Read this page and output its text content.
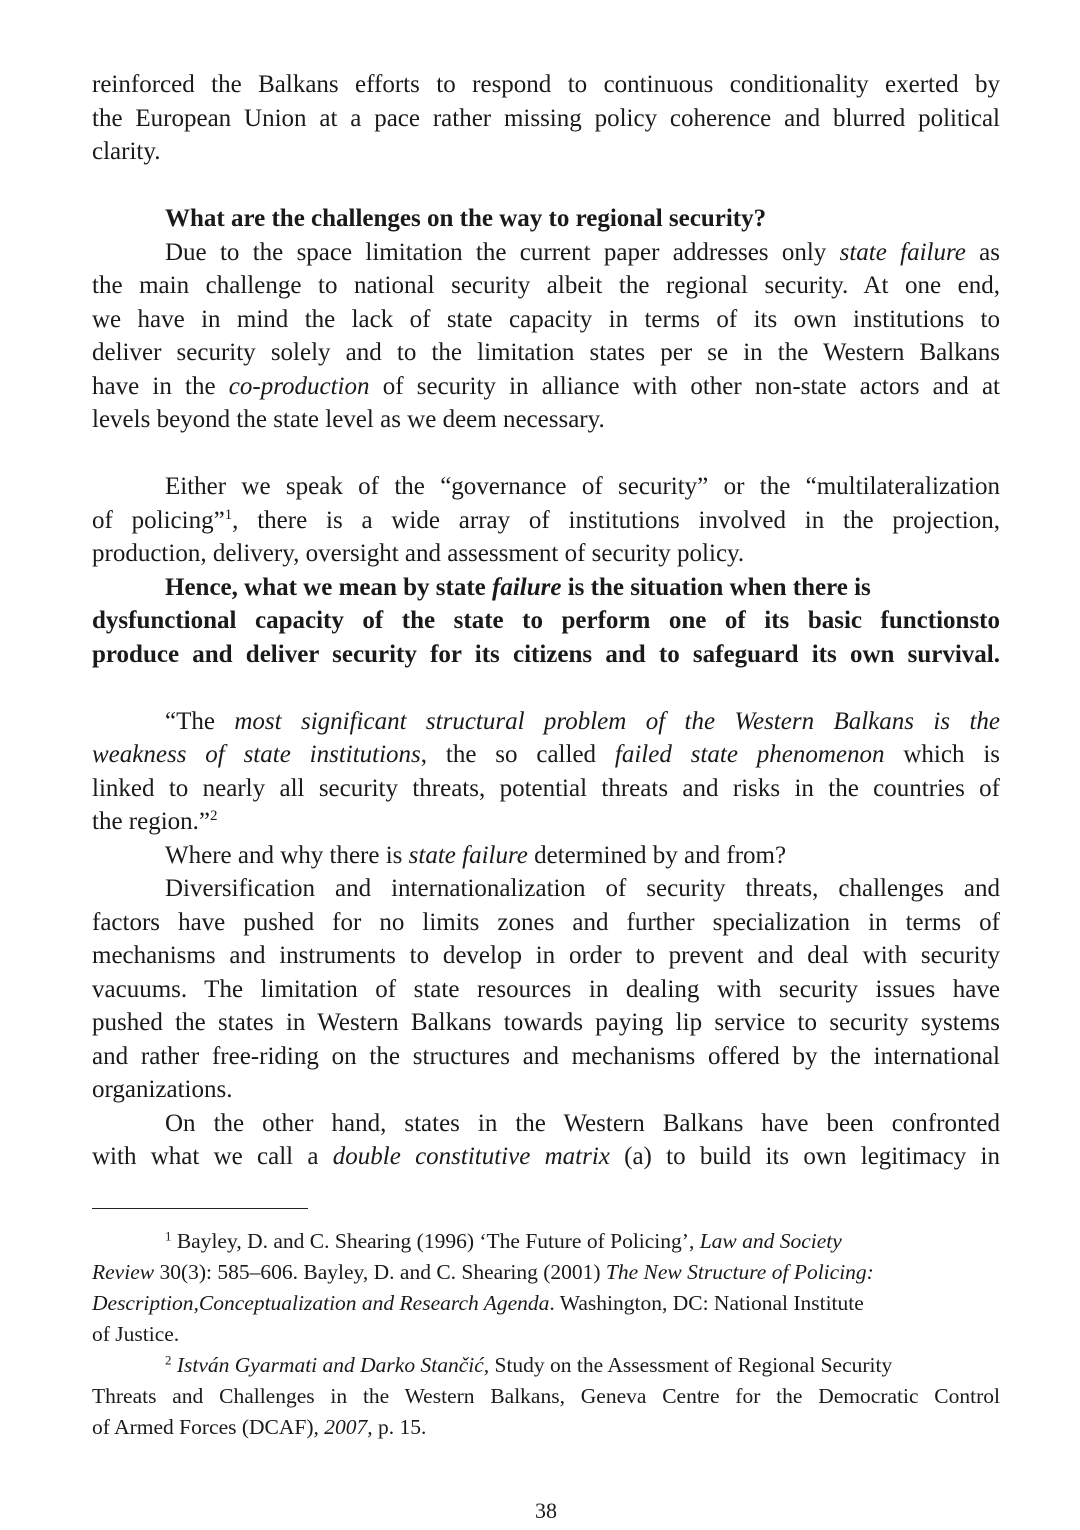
reinforced the Balkans efforts to respond to continuous conditionality exerted by
the European Union at a pace rather missing policy coherence and blurred political
clarity.
What are the challenges on the way to regional security?
Due to the space limitation the current paper addresses only state failure as
the main challenge to national security albeit the regional security. At one end,
we have in mind the lack of state capacity in terms of its own institutions to
deliver security solely and to the limitation states per se in the Western Balkans
have in the co-production of security in alliance with other non-state actors and at
levels beyond the state level as we deem necessary.
Either we speak of the “governance of security” or the “multilateralization
of policing”$^1$, there is a wide array of institutions involved in the projection,
production, delivery, oversight and assessment of security policy.
Hence, what we mean by state failure is the situation when there is
dysfunctional capacity of the state to perform one of its basic functionsto
produce and deliver security for its citizens and to safeguard its own survival.
“The most significant structural problem of the Western Balkans is the
weakness of state institutions, the so called failed state phenomenon which is
linked to nearly all security threats, potential threats and risks in the countries of
the region.”$^2$
Where and why there is state failure determined by and from?
Diversification and internationalization of security threats, challenges and
factors have pushed for no limits zones and further specialization in terms of
mechanisms and instruments to develop in order to prevent and deal with security
vacuums. The limitation of state resources in dealing with security issues have
pushed the states in Western Balkans towards paying lip service to security systems
and rather free-riding on the structures and mechanisms offered by the international
organizations.
On the other hand, states in the Western Balkans have been confronted
with what we call a double constitutive matrix (a) to build its own legitimacy in
$^1$ Bayley, D. and C. Shearing (1996) ‘The Future of Policing’, Law and Society
Review 30(3): 585–606. Bayley, D. and C. Shearing (2001) The New Structure of Policing:
Description,Conceptualization and Research Agenda. Washington, DC: National Institute
of Justice.
$^2$ István Gyarmati and Darko Stančić, Study on the Assessment of Regional Security
Threats and Challenges in the Western Balkans, Geneva Centre for the Democratic Control
of Armed Forces (DCAF), 2007, p. 15.
38
